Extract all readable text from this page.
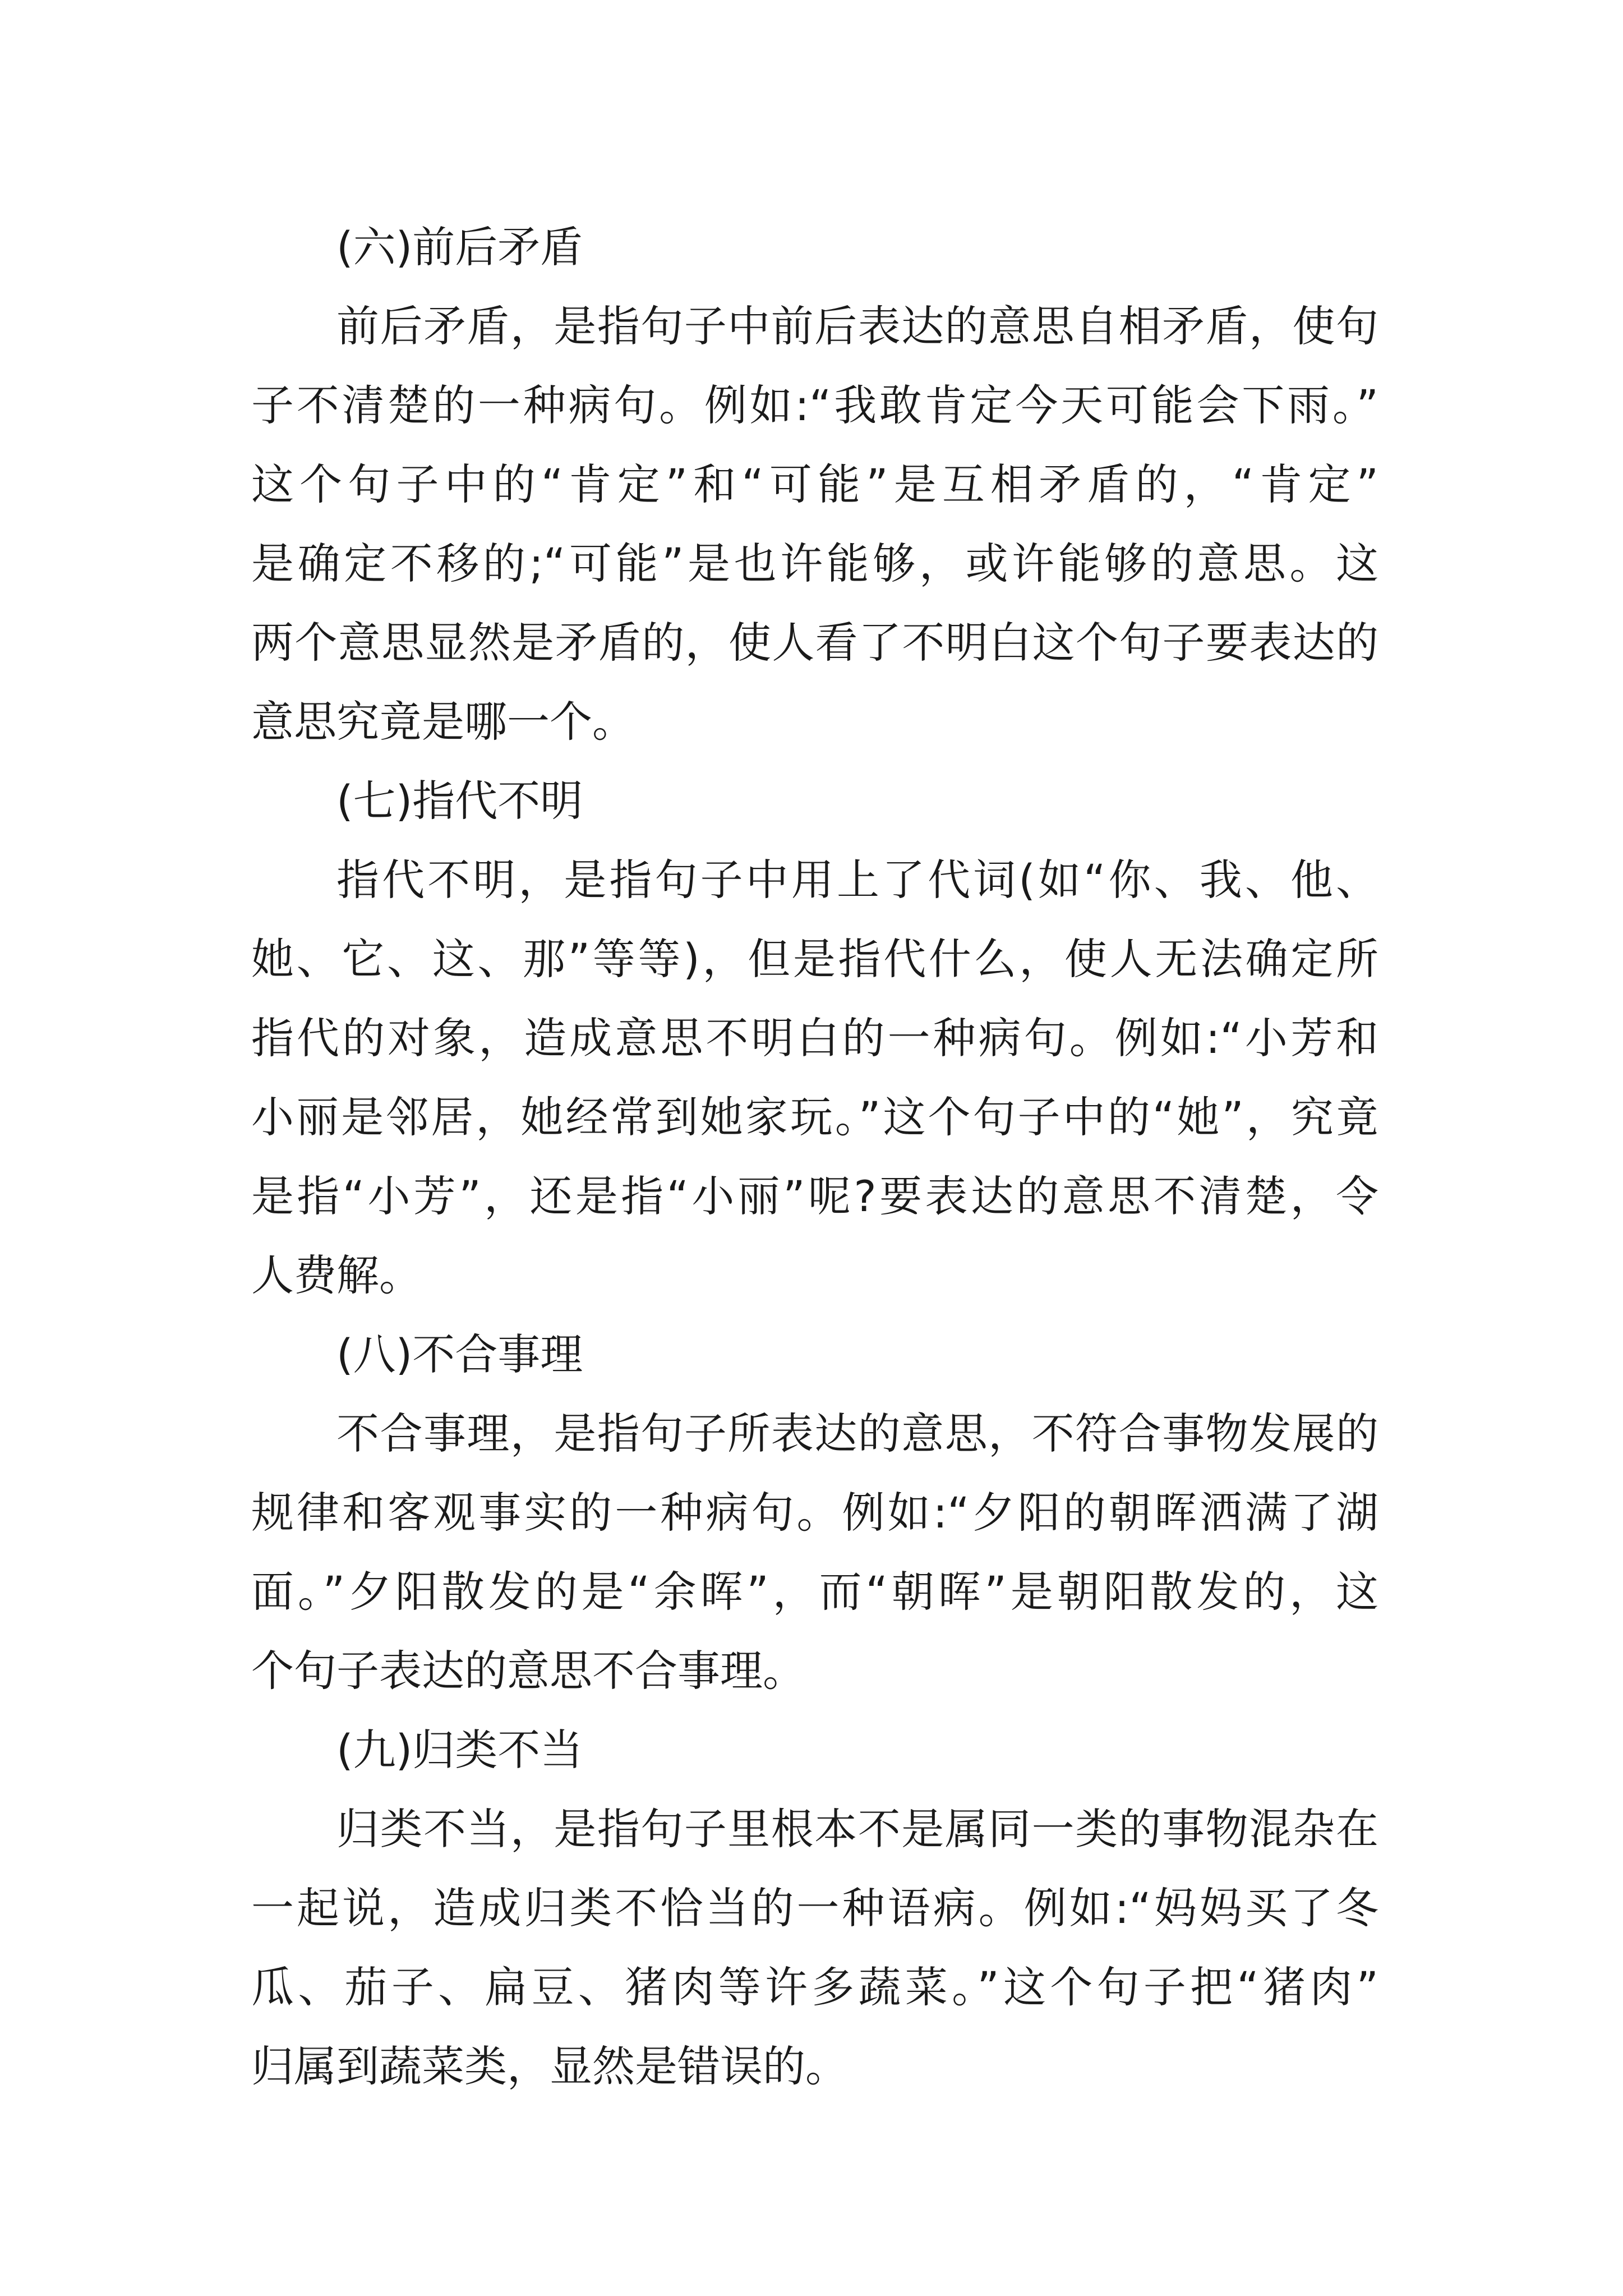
(六)前后矛盾
前后矛盾，是指句子中前后表达的意思自相矛盾，使句
子不清楚的一种病句。例如:“我敢肯定今天可能会下雨。”
这个句子中的“肯定”和“可能”是互相矛盾的，“肯定”
是确定不移的;“可能”是也许能够，或许能够的意思。这
两个意思显然是矛盾的，使人看了不明白这个句子要表达的
意思究竟是哪一个。
(七)指代不明
指代不明，是指句子中用上了代词(如“你、我、他、
她、它、这、那”等等)，但是指代什么，使人无法确定所
指代的对象，造成意思不明白的一种病句。例如:“小芳和
小丽是邻居，她经常到她家玩。”这个句子中的“她”，究竟
是指“小芳”，还是指“小丽”呢?要表达的意思不清楚，令
人费解。
(八)不合事理
不合事理，是指句子所表达的意思，不符合事物发展的
规律和客观事实的一种病句。例如:“夕阳的朝晖洒满了湖
面。”夕阳散发的是“余晖”，而“朝晖”是朝阳散发的，这
个句子表达的意思不合事理。
(九)归类不当
归类不当，是指句子里根本不是属同一类的事物混杂在
一起说，造成归类不恰当的一种语病。例如:“妈妈买了冬
瓜、茄子、扁豆、猪肉等许多蔬菜。”这个句子把“猪肉”
归属到蔬菜类，显然是错误的。
